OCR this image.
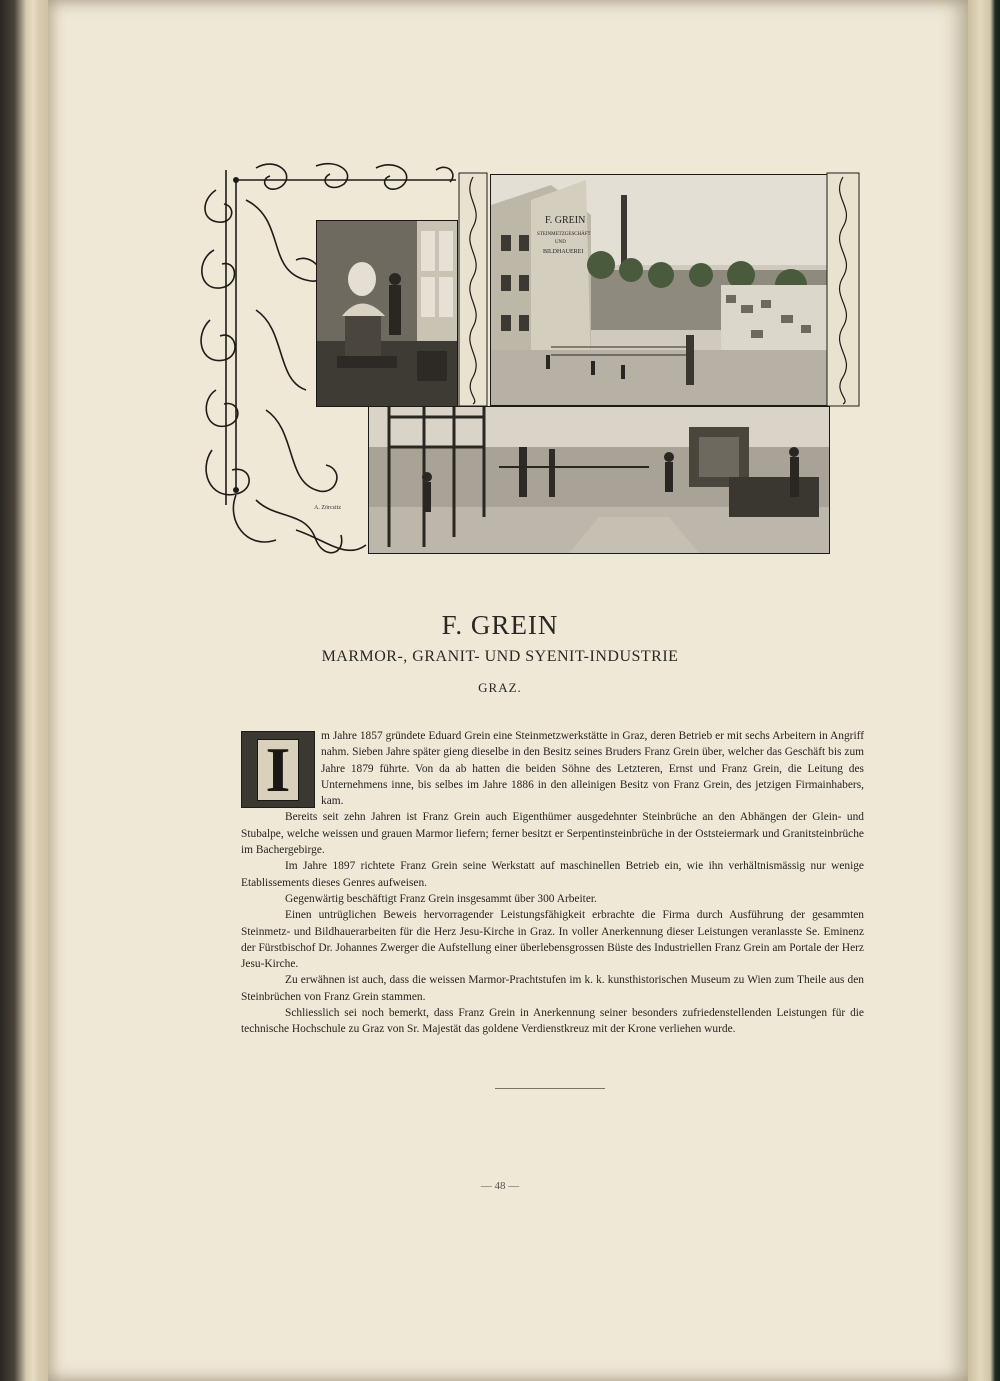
F. GREIN
STEINMETZGESCHÄFT
UND
BILDHAUEREI
A. Zörcsitz
F. GREIN
MARMOR-, GRANIT- UND SYENIT-INDUSTRIE
GRAZ.
I	m Jahre 1857 gründete Eduard Grein eine Steinmetzwerkstätte in Graz, deren Betrieb er mit sechs Arbeitern in Angriff nahm. Sieben Jahre später gieng dieselbe in den Besitz seines Bruders Franz Grein über, welcher das Geschäft bis zum Jahre 1879 führte. Von da ab hatten die beiden Söhne des Letzteren, Ernst und Franz Grein, die Leitung des Unternehmens inne, bis selbes im Jahre 1886 in den alleinigen Besitz von Franz Grein, des jetzigen Firmainhabers, kam.

Bereits seit zehn Jahren ist Franz Grein auch Eigenthümer ausgedehnter Steinbrüche an den Abhängen der Glein- und Stubalpe, welche weissen und grauen Marmor liefern; ferner besitzt er Serpentinsteinbrüche in der Oststeiermark und Granitsteinbrüche im Bachergebirge.

Im Jahre 1897 richtete Franz Grein seine Werkstatt auf maschinellen Betrieb ein, wie ihn verhältnismässig nur wenige Etablissements dieses Genres aufweisen.

Gegenwärtig beschäftigt Franz Grein insgesammt über 300 Arbeiter.

Einen untrüglichen Beweis hervorragender Leistungsfähigkeit erbrachte die Firma durch Ausführung der gesammten Steinmetz- und Bildhauerarbeiten für die Herz Jesu-Kirche in Graz. In voller Anerkennung dieser Leistungen veranlasste Se. Eminenz der Fürstbischof Dr. Johannes Zwerger die Aufstellung einer überlebensgrossen Büste des Industriellen Franz Grein am Portale der Herz Jesu-Kirche.

Zu erwähnen ist auch, dass die weissen Marmor-Prachtstufen im k. k. kunsthistorischen Museum zu Wien zum Theile aus den Steinbrüchen von Franz Grein stammen.

Schliesslich sei noch bemerkt, dass Franz Grein in Anerkennung seiner besonders zufriedenstellenden Leistungen für die technische Hochschule zu Graz von Sr. Majestät das goldene Verdienstkreuz mit der Krone verliehen wurde.

— 48 —
